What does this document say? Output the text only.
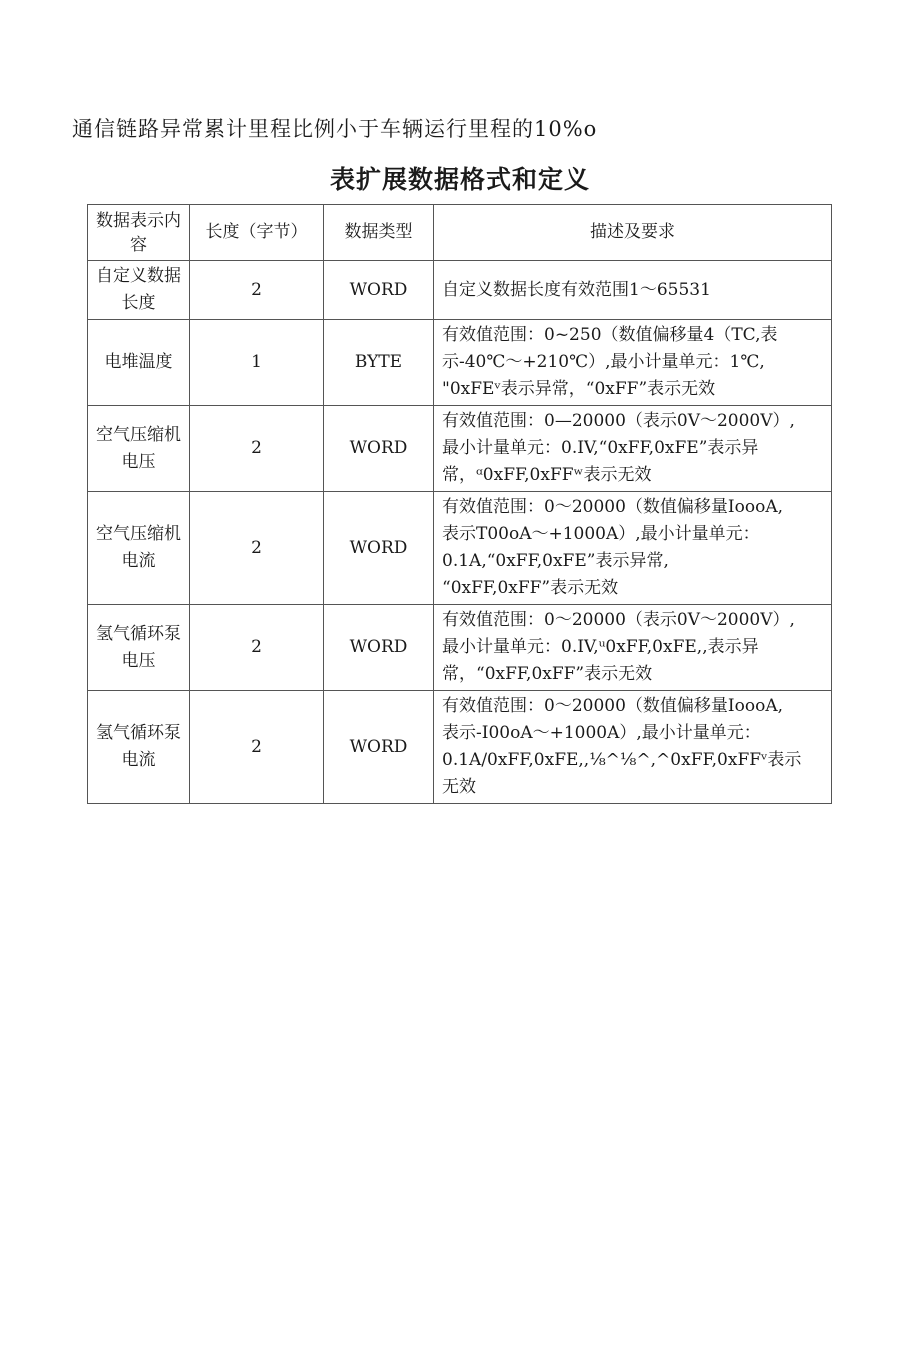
通信链路异常累计里程比例小于车辆运行里程的10%o
表扩展数据格式和定义
数据表示内
容	长度（字节）	数据类型	描述及要求

自定义数据
长度	2	WORD	自定义数据长度有效范围1～65531

电堆温度	1	BYTE	有效值范围：0~250（数值偏移量4（TC,表
示-40℃～+210℃）,最小计量单元：1℃,
"0xFEᵛ表示异常，“0xFF”表示无效

空气压缩机
电压	2	WORD	有效值范围：0—20000（表示0V～2000V）,
最小计量单元：0.IV,“0xFF,0xFE”表示异
常，ᵅ0xFF,0xFFʷ表示无效

空气压缩机
电流	2	WORD	有效值范围：0～20000（数值偏移量IoooA,
表示T00oA～+1000A）,最小计量单元：
0.1A,“0xFF,0xFE”表示异常,
“0xFF,0xFF”表示无效

氢气循环泵
电压	2	WORD	有效值范围：0～20000（表示0V～2000V）,
最小计量单元：0.IV,ᵘ0xFF,0xFE,,表示异
常，“0xFF,0xFF”表示无效

氢气循环泵
电流	2	WORD	有效值范围：0～20000（数值偏移量IoooA,
表示-I00oA～+1000A）,最小计量单元：
0.1A∕0xFF,0xFE,,⅛^⅛^,^0xFF,0xFFᵛ表示
无效
